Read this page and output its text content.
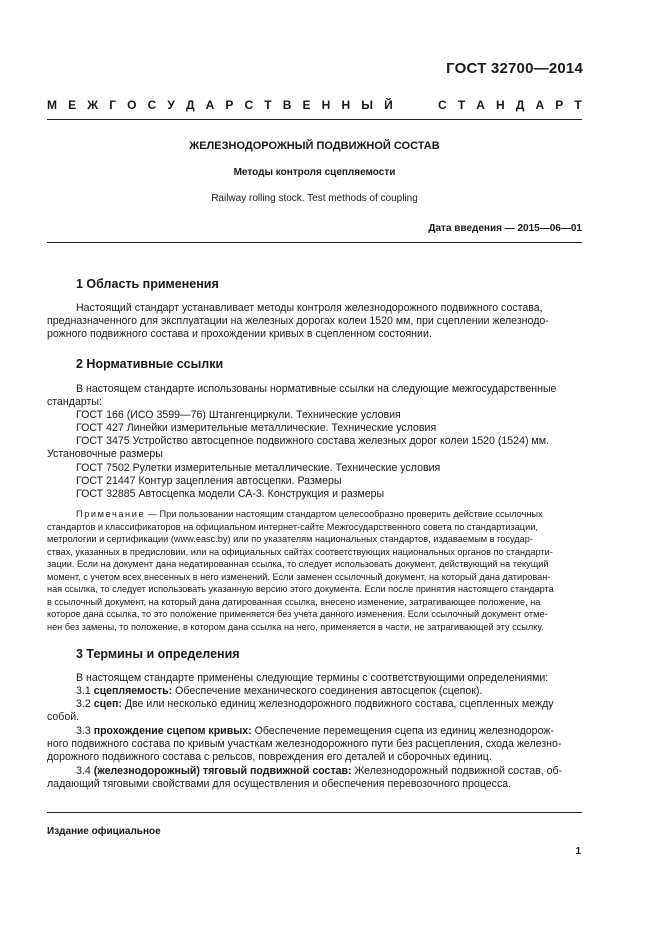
ГОСТ 32700—2014
М Е Ж Г О С У Д А Р С Т В Е Н Н Ы Й	С Т А Н Д А Р Т
ЖЕЛЕЗНОДОРОЖНЫЙ ПОДВИЖНОЙ СОСТАВ
Методы контроля сцепляемости
Railway rolling stock. Test methods of coupling
Дата введения — 2015—06—01
1 Область применения
Настоящий стандарт устанавливает методы контроля железнодорожного подвижного состава,
предназначенного для эксплуатации на железных дорогах колеи 1520 мм, при сцеплении железнодо-
рожного подвижного состава и прохождении кривых в сцепленном состоянии.
2 Нормативные ссылки
В настоящем стандарте использованы нормативные ссылки на следующие межгосударственные
стандарты:
ГОСТ 166 (ИСО 3599—76) Штангенциркули. Технические условия
ГОСТ 427 Линейки измерительные металлические. Технические условия
ГОСТ 3475 Устройство автосцепное подвижного состава железных дорог колеи 1520 (1524) мм.
Установочные размеры
ГОСТ 7502 Рулетки измерительные металлические. Технические условия
ГОСТ 21447 Контур зацепления автосцепки. Размеры
ГОСТ 32885 Автосцепка модели СА-3. Конструкция и размеры
Примечание — При пользовании настоящим стандартом целесообразно проверить действие ссылочных
стандартов и классификаторов на официальном интернет-сайте Межгосударственного совета по стандартизации,
метрологии и сертификации (www.easc.by) или по указателям национальных стандартов, издаваемым в государ-
ствах, указанных в предисловии, или на официальных сайтах соответствующих национальных органов по стандарти-
зации. Если на документ дана недатированная ссылка, то следует использовать документ, действующий на текущий
момент, с учетом всех внесенных в него изменений. Если заменен ссылочный документ, на который дана датирован-
ная ссылка, то следует использовать указанную версию этого документа. Если после принятия настоящего стандарта
в ссылочный документ, на который дана датированная ссылка, внесено изменение, затрагивающее положение, на
которое дана ссылка, то это положение применяется без учета данного изменения. Если ссылочный документ отме-
нен без замены, то положение, в котором дана ссылка на него, применяется в части, не затрагивающей эту ссылку.
3 Термины и определения
В настоящем стандарте применены следующие термины с соответствующими определениями:
3.1 сцепляемость: Обеспечение механического соединения автосцепок (сцепок).
3.2 сцеп: Две или несколько единиц железнодорожного подвижного состава, сцепленных между
собой.
3.3 прохождение сцепом кривых: Обеспечение перемещения сцепа из единиц железнодорож-
ного подвижного состава по кривым участкам железнодорожного пути без расцепления, схода железно-
дорожного подвижного состава с рельсов, повреждения его деталей и сборочных единиц.
3.4 (железнодорожный) тяговый подвижной состав: Железнодорожный подвижной состав, об-
ладающий тяговыми свойствами для осуществления и обеспечения перевозочного процесса.
Издание официальное
1
